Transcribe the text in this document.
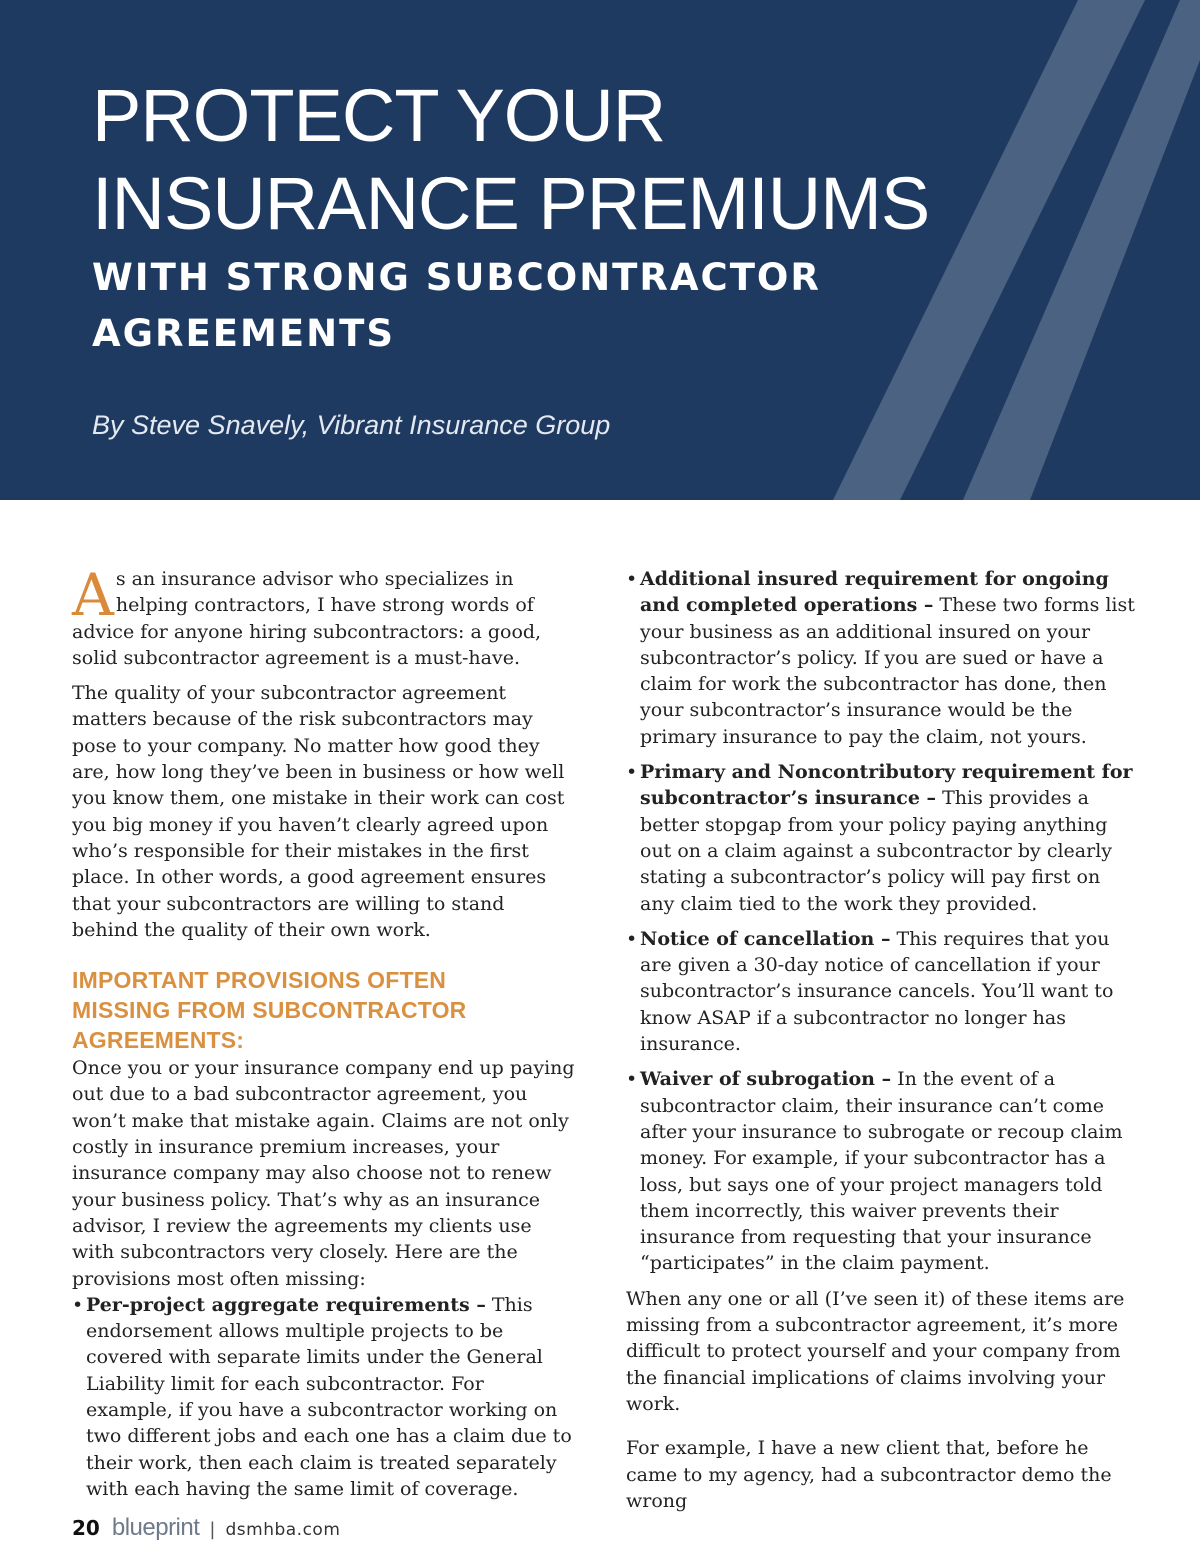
PROTECT YOUR
INSURANCE PREMIUMS
WITH STRONG SUBCONTRACTOR
AGREEMENTS
By Steve Snavely, Vibrant Insurance Group

As an insurance advisor who specializes in helping contractors, I have strong words of advice for anyone hiring subcontractors: a good, solid subcontractor agreement is a must-have.

The quality of your subcontractor agreement matters because of the risk subcontractors may pose to your company. No matter how good they are, how long they’ve been in business or how well you know them, one mistake in their work can cost you big money if you haven’t clearly agreed upon who’s responsible for their mistakes in the first place. In other words, a good agreement ensures that your subcontractors are willing to stand behind the quality of their own work.

IMPORTANT PROVISIONS OFTEN
MISSING FROM SUBCONTRACTOR
AGREEMENTS:

Once you or your insurance company end up paying out due to a bad subcontractor agreement, you won’t make that mistake again. Claims are not only costly in insurance premium increases, your insurance company may also choose not to renew your business policy. That’s why as an insurance advisor, I review the agreements my clients use with subcontractors very closely. Here are the provisions most often missing:

• Per-project aggregate requirements – This endorsement allows multiple projects to be covered with separate limits under the General Liability limit for each subcontractor. For example, if you have a subcontractor working on two different jobs and each one has a claim due to their work, then each claim is treated separately with each having the same limit of coverage.
• Additional insured requirement for ongoing and completed operations – These two forms list your business as an additional insured on your subcontractor’s policy. If you are sued or have a claim for work the subcontractor has done, then your subcontractor’s insurance would be the primary insurance to pay the claim, not yours.
• Primary and Noncontributory requirement for subcontractor’s insurance – This provides a better stopgap from your policy paying anything out on a claim against a subcontractor by clearly stating a subcontractor’s policy will pay first on any claim tied to the work they provided.
• Notice of cancellation – This requires that you are given a 30-day notice of cancellation if your subcontractor’s insurance cancels. You’ll want to know ASAP if a subcontractor no longer has insurance.
• Waiver of subrogation – In the event of a subcontractor claim, their insurance can’t come after your insurance to subrogate or recoup claim money. For example, if your subcontractor has a loss, but says one of your project managers told them incorrectly, this waiver prevents their insurance from requesting that your insurance “participates” in the claim payment.

When any one or all (I’ve seen it) of these items are missing from a subcontractor agreement, it’s more difficult to protect yourself and your company from the financial implications of claims involving your work.

For example, I have a new client that, before he came to my agency, had a subcontractor demo the wrong

20 blueprint | dsmhba.com
